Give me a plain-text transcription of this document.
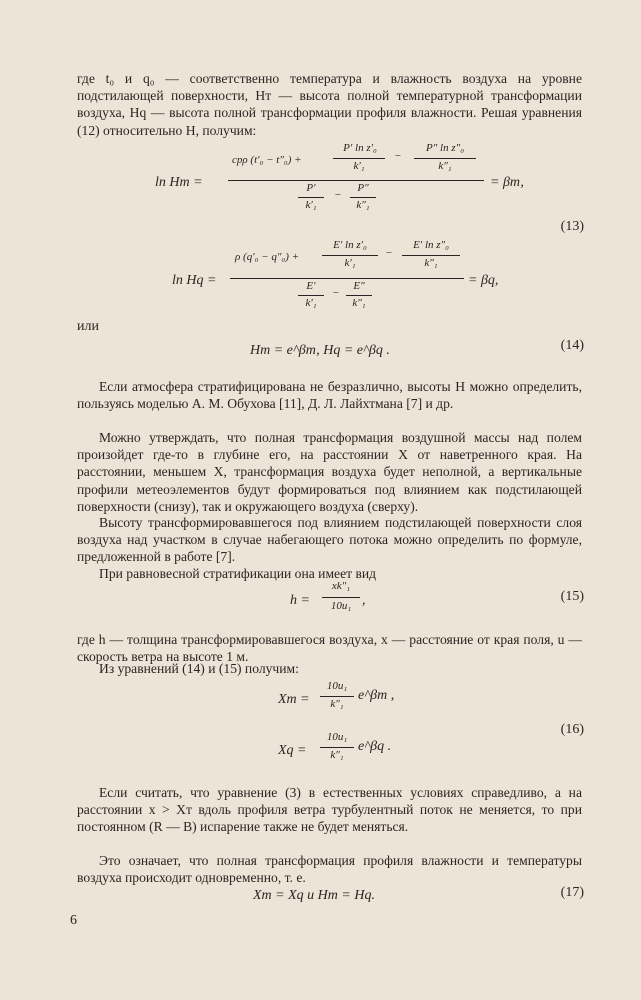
где t₀ и q₀ — соответственно температура и влажность воздуха на уровне подстилающей поверхности, Hт — высота полной температурной трансформации воздуха, Hq — высота полной трансформации профиля влажности. Решая уравнения (12) относительно H, получим:
ln Hт =
cpρ (t′₀ − t″₀) +
P′ ln z′₀
k′₁
−
P″ ln z″₀
k″₁
P′
k′₁
−
P″
k″₁
= βт,
(13)
ln Hq =
ρ (q′₀ − q″₀) +
E′ ln z′₀
k′₁
−
E′ ln z″₀
k″₁
E′
k′₁
−
E″
k″₁
= βq,
или
Hт = e^βт, Hq = e^βq .	(14)
Если атмосфера стратифицирована не безразлично, высоты H можно определить, пользуясь моделью А. М. Обухова [11], Д. Л. Лайхтмана [7] и др.
Можно утверждать, что полная трансформация воздушной массы над полем произойдет где-то в глубине его, на расстоянии X от наветренного края. На расстоянии, меньшем X, трансформация воздуха будет неполной, а вертикальные профили метеоэлементов будут формироваться под влиянием как подстилающей поверхности (снизу), так и окружающего воздуха (сверху).
Высоту трансформировавшегося под влиянием подстилающей поверхности слоя воздуха над участком в случае набегающего потока можно определить по формуле, предложенной в работе [7].
При равновесной стратификации она имеет вид
h =
xk″₁
10u₁ ,	(15)
где h — толщина трансформировавшегося воздуха, x — расстояние от края поля, u — скорость ветра на высоте 1 м.
Из уравнений (14) и (15) получим:
Xт =
10u₁
k″₁
e^βт ,
Xq =
10u₁
k″₁
e^βq .
(16)
Если считать, что уравнение (3) в естественных условиях справедливо, а на расстоянии x > Xт вдоль профиля ветра турбулентный поток не меняется, то при постоянном (R — B) испарение также не будет меняться.
Это означает, что полная трансформация профиля влажности и температуры воздуха происходит одновременно, т. е.
Xт = Xq и Hт = Hq.	(17)
6
